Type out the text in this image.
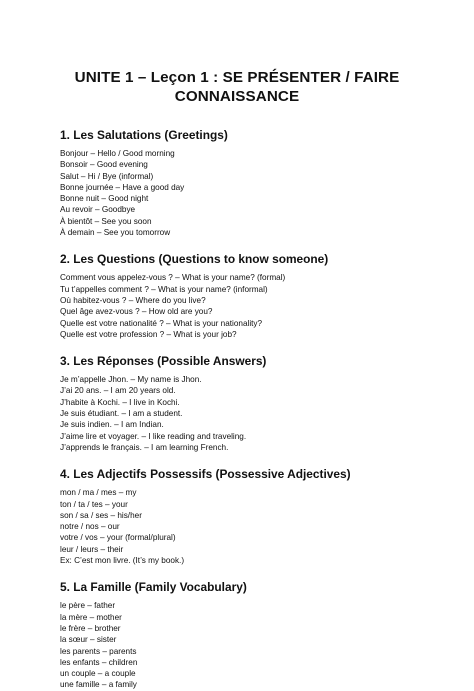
UNITE 1 – Leçon 1 : SE PRÉSENTER / FAIRE
CONNAISSANCE
1. Les Salutations (Greetings)
Bonjour – Hello / Good morning
Bonsoir – Good evening
Salut – Hi / Bye (informal)
Bonne journée – Have a good day
Bonne nuit – Good night
Au revoir – Goodbye
À bientôt – See you soon
À demain – See you tomorrow
2. Les Questions (Questions to know someone)
Comment vous appelez-vous ? – What is your name? (formal)
Tu t’appelles comment ? – What is your name? (informal)
Où habitez-vous ? – Where do you live?
Quel âge avez-vous ? – How old are you?
Quelle est votre nationalité ? – What is your nationality?
Quelle est votre profession ? – What is your job?
3. Les Réponses (Possible Answers)
Je m’appelle Jhon. – My name is Jhon.
J’ai 20 ans. – I am 20 years old.
J’habite à Kochi. – I live in Kochi.
Je suis étudiant. – I am a student.
Je suis indien. – I am Indian.
J’aime lire et voyager. – I like reading and traveling.
J’apprends le français. – I am learning French.
4. Les Adjectifs Possessifs (Possessive Adjectives)
mon / ma / mes – my
ton / ta / tes – your
son / sa / ses – his/her
notre / nos – our
votre / vos – your (formal/plural)
leur / leurs – their
Ex: C’est mon livre. (It’s my book.)
5. La Famille (Family Vocabulary)
le père – father
la mère – mother
le frère – brother
la sœur – sister
les parents – parents
les enfants – children
un couple – a couple
une famille – a family
